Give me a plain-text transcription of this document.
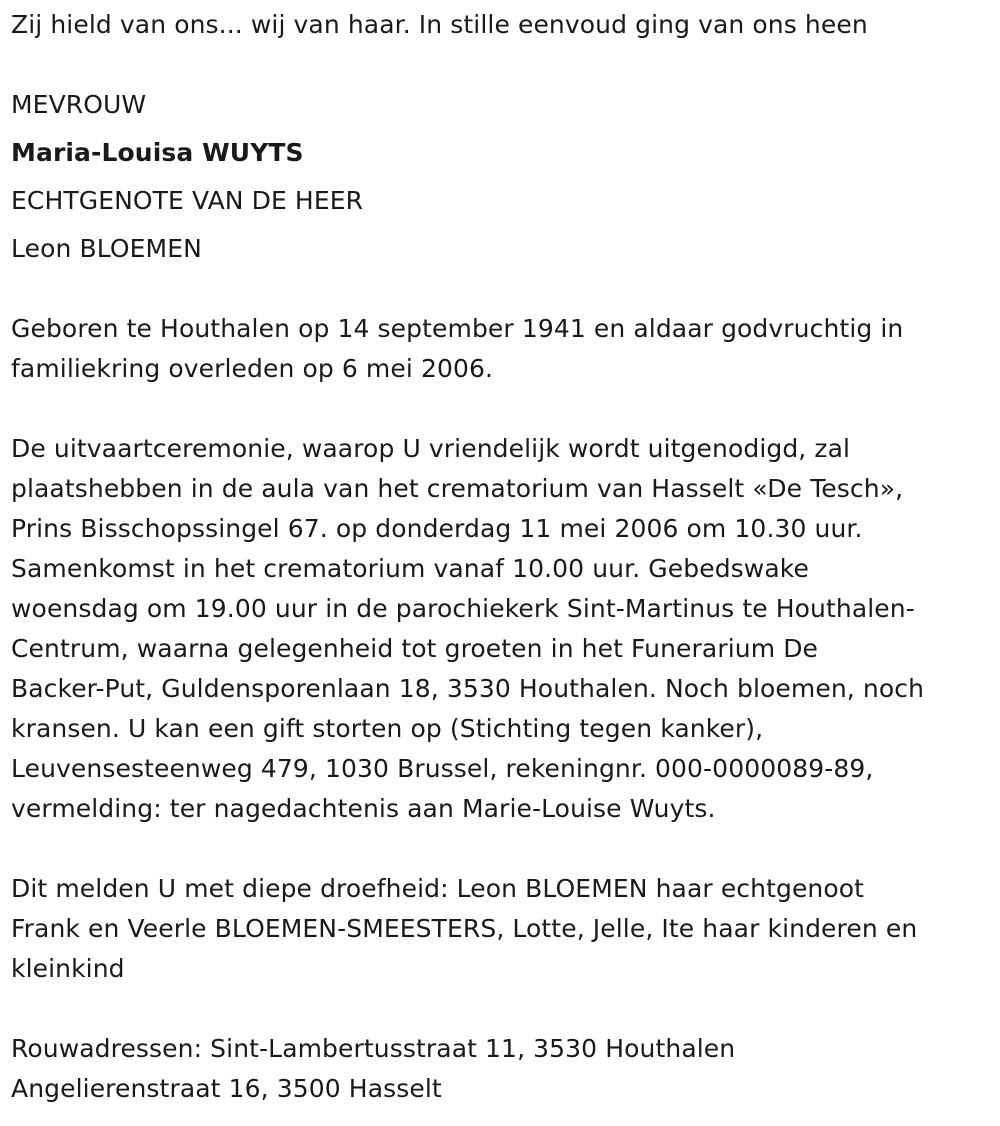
Zij hield van ons... wij van haar. In stille eenvoud ging van ons heen
MEVROUW
Maria-Louisa WUYTS
ECHTGENOTE VAN DE HEER
Leon BLOEMEN
Geboren te Houthalen op 14 september 1941 en aldaar godvruchtig in
familiekring overleden op 6 mei 2006.
De uitvaartceremonie, waarop U vriendelijk wordt uitgenodigd, zal
plaatshebben in de aula van het crematorium van Hasselt «De Tesch»,
Prins Bisschopssingel 67. op donderdag 11 mei 2006 om 10.30 uur.
Samenkomst in het crematorium vanaf 10.00 uur. Gebedswake
woensdag om 19.00 uur in de parochiekerk Sint-Martinus te Houthalen-
Centrum, waarna gelegenheid tot groeten in het Funerarium De
Backer-Put, Guldensporenlaan 18, 3530 Houthalen. Noch bloemen, noch
kransen. U kan een gift storten op (Stichting tegen kanker),
Leuvensesteenweg 479, 1030 Brussel, rekeningnr. 000-0000089-89,
vermelding: ter nagedachtenis aan Marie-Louise Wuyts.
Dit melden U met diepe droefheid: Leon BLOEMEN haar echtgenoot
Frank en Veerle BLOEMEN-SMEESTERS, Lotte, Jelle, Ite haar kinderen en
kleinkind
Rouwadressen: Sint-Lambertusstraat 11, 3530 Houthalen
Angelierenstraat 16, 3500 Hasselt
